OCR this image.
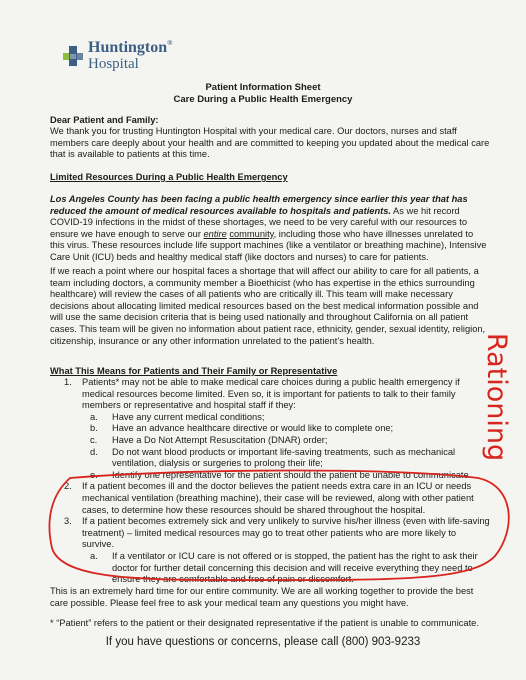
Huntington®
Hospital
Patient Information Sheet
Care During a Public Health Emergency

Dear Patient and Family:

We thank you for trusting Huntington Hospital with your medical care. Our doctors, nurses and staff members care deeply about your health and are committed to keeping you updated about the medical care that is available to patients at this time.

Limited Resources During a Public Health Emergency

Los Angeles County has been facing a public health emergency since earlier this year that has reduced the amount of medical resources available to hospitals and patients. As we hit record COVID-19 infections in the midst of these shortages, we need to be very careful with our resources to ensure we have enough to serve our entire community, including those who have illnesses unrelated to this virus. These resources include life support machines (like a ventilator or breathing machine), Intensive Care Unit (ICU) beds and healthy medical staff (like doctors and nurses) to care for patients.

If we reach a point where our hospital faces a shortage that will affect our ability to care for all patients, a team including doctors, a community member a Bioethicist (who has expertise in the ethics surrounding healthcare) will review the cases of all patients who are critically ill. This team will make necessary decisions about allocating limited medical resources based on the best medical information possible and will use the same decision criteria that is being used nationally and throughout California on all patient cases. This team will be given no information about patient race, ethnicity, gender, sexual identity, religion, citizenship, insurance or any other information unrelated to the patient’s health.

What This Means for Patients and Their Family or Representative

1. Patients* may not be able to make medical care choices during a public health emergency if medical resources become limited. Even so, it is important for patients to talk to their family members or representative and hospital staff if they:
a. Have any current medical conditions;
b. Have an advance healthcare directive or would like to complete one;
c. Have a Do Not Attempt Resuscitation (DNAR) order;
d. Do not want blood products or important life-saving treatments, such as mechanical ventilation, dialysis or surgeries to prolong their life;
e. Identify one representative for the patient should the patient be unable to communicate.
2. If a patient becomes ill and the doctor believes the patient needs extra care in an ICU or needs mechanical ventilation (breathing machine), their case will be reviewed, along with other patient cases, to determine how these resources should be shared throughout the hospital.
3. If a patient becomes extremely sick and very unlikely to survive his/her illness (even with life-saving treatment) – limited medical resources may go to treat other patients who are more likely to survive.
a. If a ventilator or ICU care is not offered or is stopped, the patient has the right to ask their doctor for further detail concerning this decision and will receive everything they need to ensure they are comfortable and free of pain or discomfort.

This is an extremely hard time for our entire community. We are all working together to provide the best care possible. Please feel free to ask your medical team any questions you might have.

* “Patient” refers to the patient or their designated representative if the patient is unable to communicate.

If you have questions or concerns, please call (800) 903-9233
Rationing
